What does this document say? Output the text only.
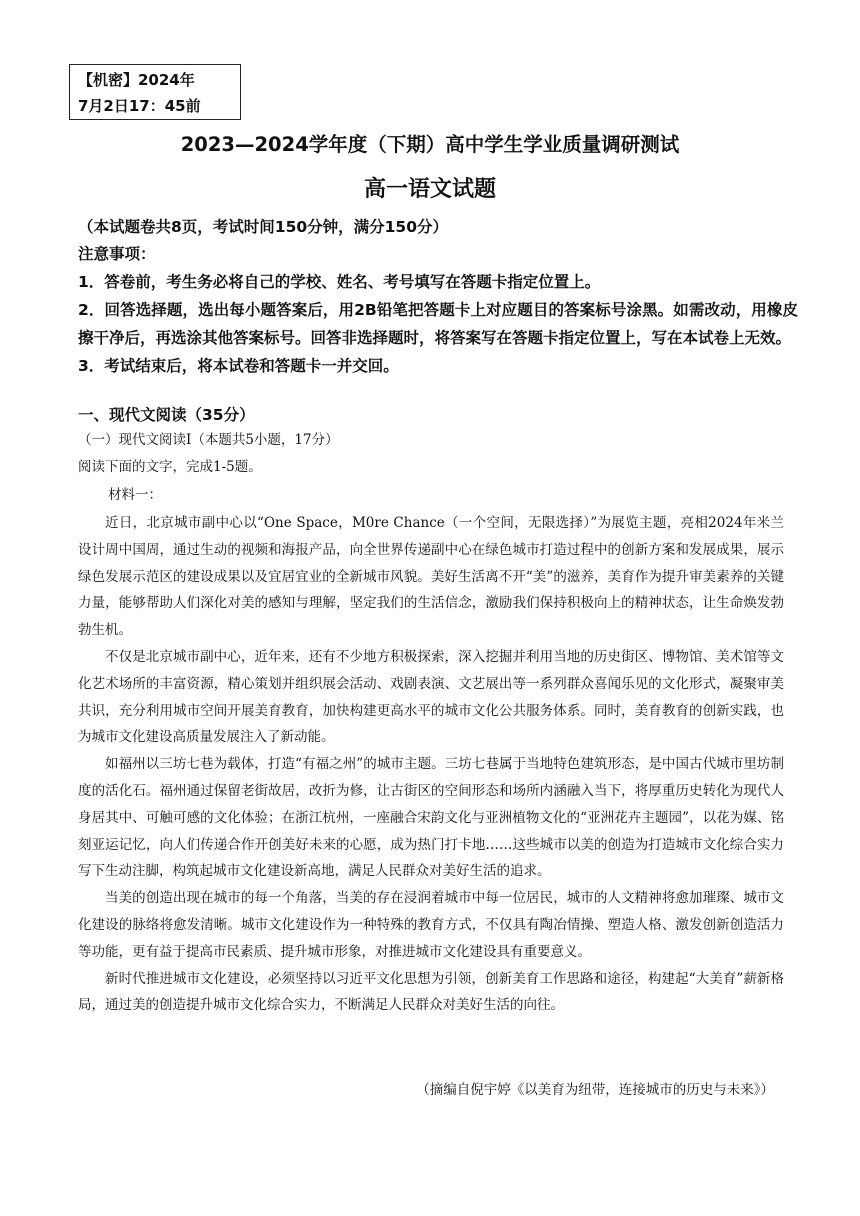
【机密】2024年
7月2日17：45前
2023—2024学年度（下期）高中学生学业质量调研测试
高一语文试题
（本试题卷共8页，考试时间150分钟，满分150分）
注意事项：
1．答卷前，考生务必将自己的学校、姓名、考号填写在答题卡指定位置上。
2．回答选择题，选出每小题答案后，用2B铅笔把答题卡上对应题目的答案标号涂黑。如需改动，用橡皮擦干净后，再选涂其他答案标号。回答非选择题时，将答案写在答题卡指定位置上，写在本试卷上无效。
3．考试结束后，将本试卷和答题卡一并交回。
一、现代文阅读（35分）
（一）现代文阅读Ⅰ（本题共5小题，17分）
阅读下面的文字，完成1-5题。
材料一：

近日，北京城市副中心以“One Space，M0re Chance（一个空间，无限选择）”为展览主题，亮相2024年米兰设计周中国周，通过生动的视频和海报产品，向全世界传递副中心在绿色城市打造过程中的创新方案和发展成果，展示绿色发展示范区的建设成果以及宜居宜业的全新城市风貌。美好生活离不开“美”的滋养，美育作为提升审美素养的关键力量，能够帮助人们深化对美的感知与理解，坚定我们的生活信念，激励我们保持积极向上的精神状态，让生命焕发勃勃生机。

不仅是北京城市副中心，近年来，还有不少地方积极探索，深入挖掘并利用当地的历史街区、博物馆、美术馆等文化艺术场所的丰富资源，精心策划并组织展会活动、戏剧表演、文艺展出等一系列群众喜闻乐见的文化形式，凝聚审美共识，充分利用城市空间开展美育教育，加快构建更高水平的城市文化公共服务体系。同时，美育教育的创新实践，也为城市文化建设高质量发展注入了新动能。

如福州以三坊七巷为载体，打造“有福之州”的城市主题。三坊七巷属于当地特色建筑形态，是中国古代城市里坊制度的活化石。福州通过保留老街故居，改折为修，让古街区的空间形态和场所内涵融入当下，将厚重历史转化为现代人身居其中、可触可感的文化体验；在浙江杭州，一座融合宋韵文化与亚洲植物文化的“亚洲花卉主题园”，以花为媒、铭刻亚运记忆，向人们传递合作开创美好未来的心愿，成为热门打卡地……这些城市以美的创造为打造城市文化综合实力写下生动注脚，构筑起城市文化建设新高地，满足人民群众对美好生活的追求。

当美的创造出现在城市的每一个角落，当美的存在浸润着城市中每一位居民，城市的人文精神将愈加璀璨、城市文化建设的脉络将愈发清晰。城市文化建设作为一种特殊的教育方式，不仅具有陶冶情操、塑造人格、激发创新创造活力等功能，更有益于提高市民素质、提升城市形象，对推进城市文化建设具有重要意义。

新时代推进城市文化建设，必须坚持以习近平文化思想为引领，创新美育工作思路和途径，构建起“大美育”薪新格局，通过美的创造提升城市文化综合实力，不断满足人民群众对美好生活的向往。

（摘编自倪宇婷《以美育为纽带，连接城市的历史与未来》）
